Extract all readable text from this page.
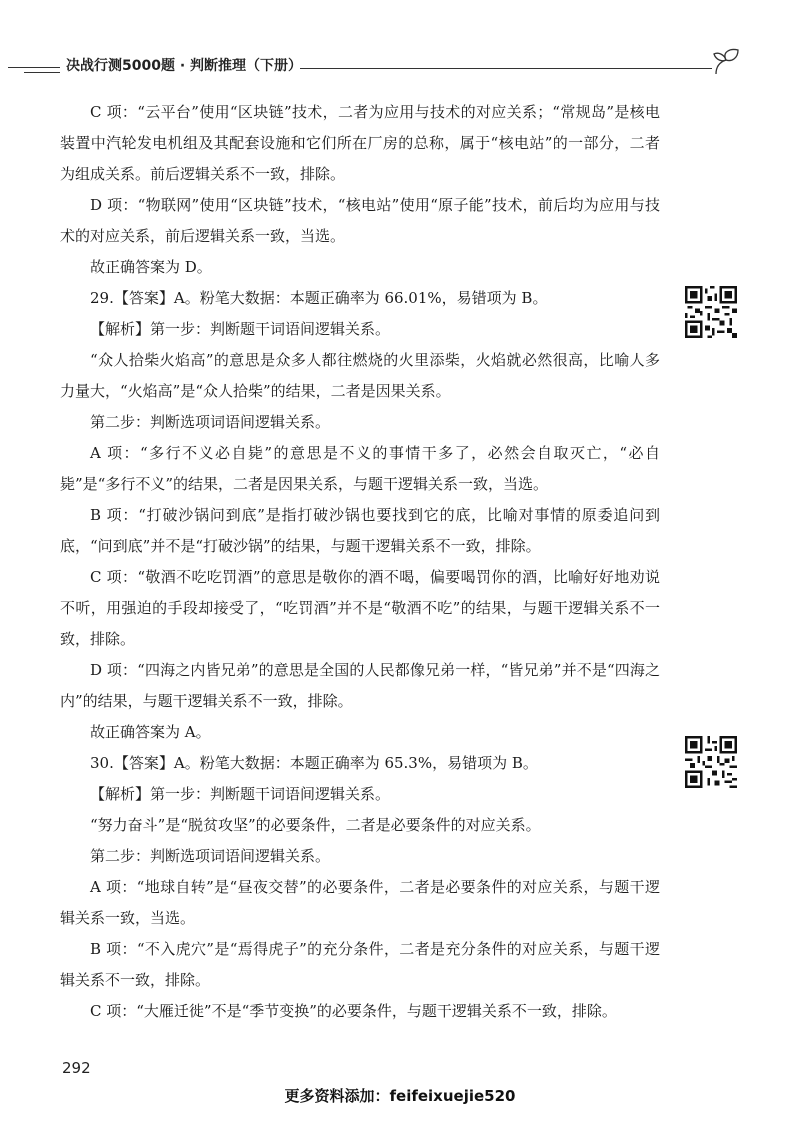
决战行测5000题 · 判断推理（下册）

C 项：“云平台”使用“区块链”技术，二者为应用与技术的对应关系；“常规岛”是核电装置中汽轮发电机组及其配套设施和它们所在厂房的总称，属于“核电站”的一部分，二者为组成关系。前后逻辑关系不一致，排除。

D 项：“物联网”使用“区块链”技术，“核电站”使用“原子能”技术，前后均为应用与技术的对应关系，前后逻辑关系一致，当选。

故正确答案为 D。

29.【答案】A。粉笔大数据：本题正确率为 66.01%，易错项为 B。

【解析】第一步：判断题干词语间逻辑关系。

“众人拾柴火焰高”的意思是众多人都往燃烧的火里添柴，火焰就必然很高，比喻人多力量大，“火焰高”是“众人拾柴”的结果，二者是因果关系。

第二步：判断选项词语间逻辑关系。

A 项：“多行不义必自毙”的意思是不义的事情干多了，必然会自取灭亡，“必自毙”是“多行不义”的结果，二者是因果关系，与题干逻辑关系一致，当选。

B 项：“打破沙锅问到底”是指打破沙锅也要找到它的底，比喻对事情的原委追问到底，“问到底”并不是“打破沙锅”的结果，与题干逻辑关系不一致，排除。

C 项：“敬酒不吃吃罚酒”的意思是敬你的酒不喝，偏要喝罚你的酒，比喻好好地劝说不听，用强迫的手段却接受了，“吃罚酒”并不是“敬酒不吃”的结果，与题干逻辑关系不一致，排除。

D 项：“四海之内皆兄弟”的意思是全国的人民都像兄弟一样，“皆兄弟”并不是“四海之内”的结果，与题干逻辑关系不一致，排除。

故正确答案为 A。

30.【答案】A。粉笔大数据：本题正确率为 65.3%，易错项为 B。

【解析】第一步：判断题干词语间逻辑关系。

“努力奋斗”是“脱贫攻坚”的必要条件，二者是必要条件的对应关系。

第二步：判断选项词语间逻辑关系。

A 项：“地球自转”是“昼夜交替”的必要条件，二者是必要条件的对应关系，与题干逻辑关系一致，当选。

B 项：“不入虎穴”是“焉得虎子”的充分条件，二者是充分条件的对应关系，与题干逻辑关系不一致，排除。

C 项：“大雁迁徙”不是“季节变换”的必要条件，与题干逻辑关系不一致，排除。

292
更多资料添加：feifeixuejie520
